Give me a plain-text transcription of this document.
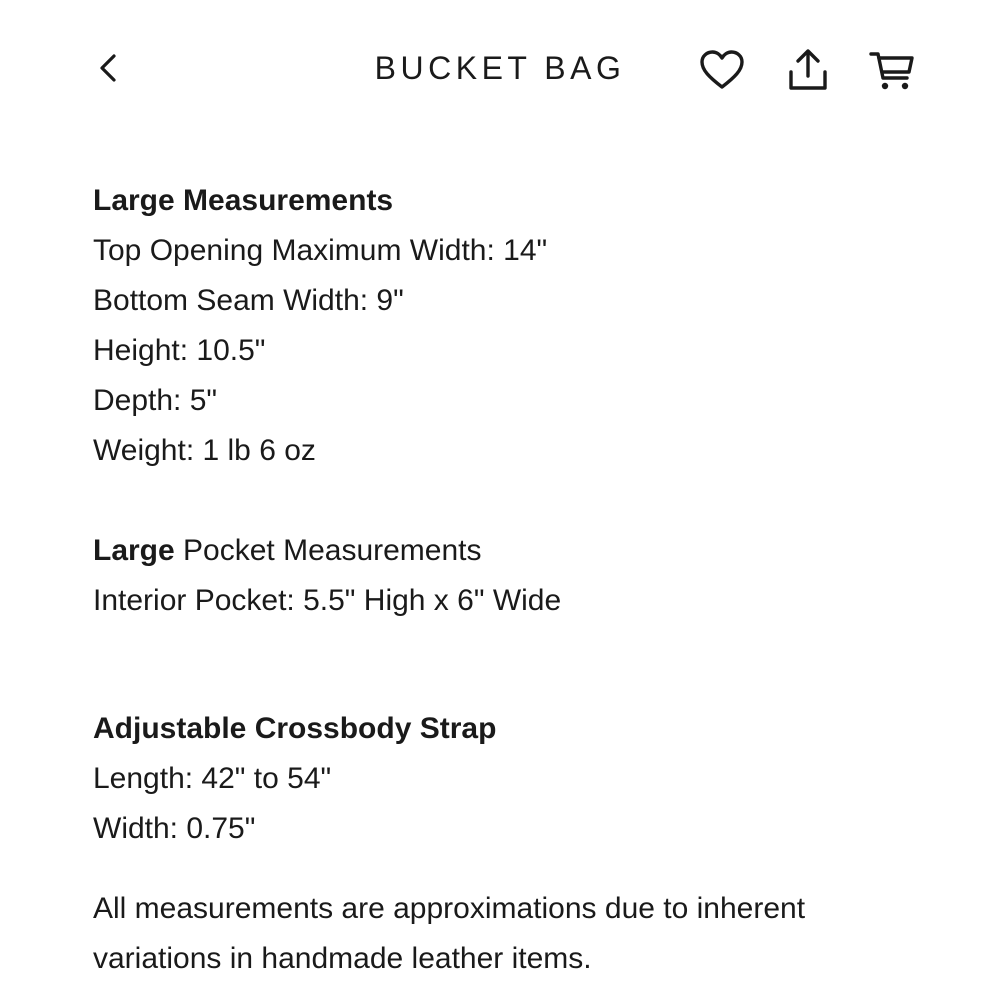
BUCKET BAG

Large Measurements

Top Opening Maximum Width: 14"

Bottom Seam Width: 9"

Height: 10.5"

Depth: 5"

Weight: 1 lb 6 oz

Large Pocket Measurements

Interior Pocket: 5.5" High x 6" Wide

Adjustable Crossbody Strap

Length: 42" to 54"

Width: 0.75"

All measurements are approximations due to inherent

variations in handmade leather items.
